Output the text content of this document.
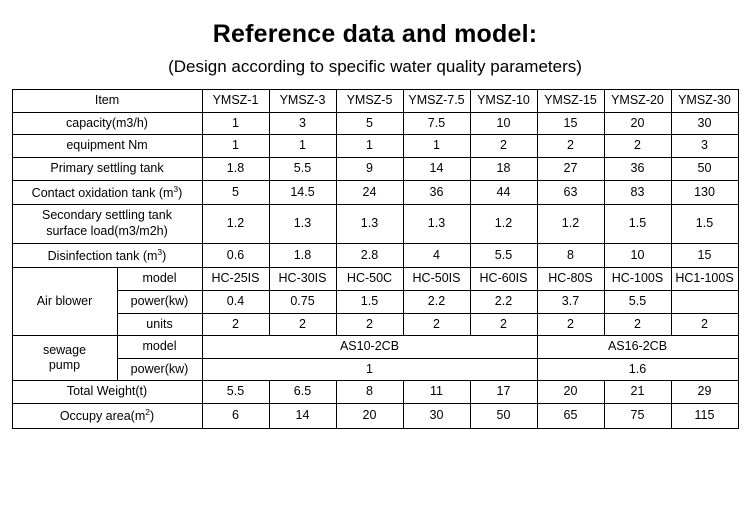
Reference data and model:
(Design according to specific water quality parameters)
Item		YMSZ-1	YMSZ-3	YMSZ-5	YMSZ-7.5	YMSZ-10	YMSZ-15	YMSZ-20	YMSZ-30
capacity(m3/h)		1	3	5	7.5	10	15	20	30
equipment Nm		1	1	1	1	2	2	2	3
Primary settling tank		1.8	5.5	9	14	18	27	36	50
Contact oxidation tank $(m^3)$		5	14.5	24	36	44	63	83	130

Secondary settling tank
surface load(m3/m2h)		1.2	1.3	1.3	1.3	1.2	1.2	1.5	1.5
Disinfection tank $(m^3)$		0.6	1.8	2.8	4	5.5	8	10	15
Air blower	model	HC-25IS	HC-30IS	HC-50C	HC-50IS	HC-60IS	HC-80S	HC-100S	HC1-100S
	power(kw)	0.4	0.75	1.5	2.2	2.2	3.7	5.5	
	units	2	2	2	2	2	2	2	2

sewage
pump	model	AS10-2CB					AS16-2CB		
	power(kw)	1					1.6		
Total Weight(t)		5.5	6.5	8	11	17	20	21	29
Occupy $area(m^2)$		6	14	20	30	50	65	75	115
